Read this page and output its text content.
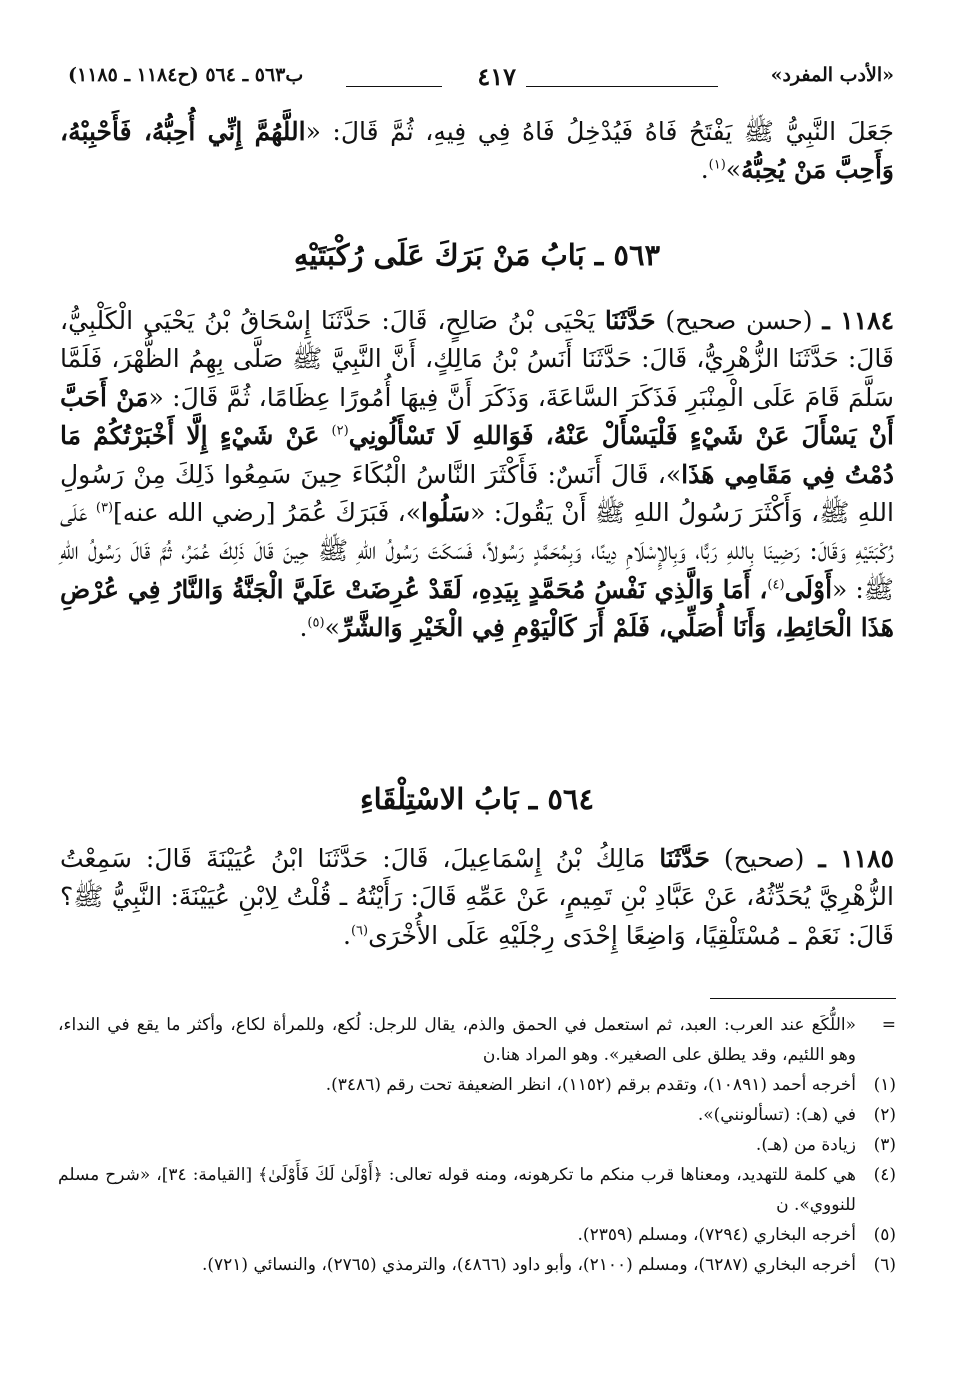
«الأدب المفرد»
٤١٧
ب٥٦٣ ـ ٥٦٤ (ح١١٨٤ ـ ١١٨٥)

جَعَلَ النَّبِيُّ ﷺ يَفْتَحُ فَاهُ فَيُدْخِلُ فَاهُ فِي فِيهِ، ثُمَّ قَالَ: «اللَّهُمَّ إِنِّي أُحِبُّهُ، فَأَحْبِبْهُ، وَأَحِبَّ مَنْ يُحِبُّهُ»$^{(١)}$.

٥٦٣ ـ بَابُ مَنْ بَرَكَ عَلَى رُكْبَتَيْهِ

١١٨٤ ـ (حسن صحيح) حَدَّثَنَا يَحْيَى بْنُ صَالِحٍ، قَالَ: حَدَّثَنَا إِسْحَاقُ بْنُ يَحْيَى الْكَلْبِيُّ، قَالَ: حَدَّثَنَا الزُّهْرِيُّ، قَالَ: حَدَّثَنَا أَنَسُ بْنُ مَالِكٍ، أَنَّ النَّبِيَّ ﷺ صَلَّى بِهِمُ الظُّهْرَ، فَلَمَّا سَلَّمَ قَامَ عَلَى الْمِنْبَرِ فَذَكَرَ السَّاعَةَ، وَذَكَرَ أَنَّ فِيهَا أُمُورًا عِظَامًا، ثُمَّ قَالَ: «مَنْ أَحَبَّ أَنْ يَسْأَلَ عَنْ شَيْءٍ فَلْيَسْأَلْ عَنْهُ، فَوَاللهِ لَا تَسْأَلُونِي$^{(٢)}$ عَنْ شَيْءٍ إِلَّا أَخْبَرْتُكُمْ مَا دُمْتُ فِي مَقَامِي هَذَا»، قَالَ أَنَسٌ: فَأَكْثَرَ النَّاسُ الْبُكَاءَ حِينَ سَمِعُوا ذَلِكَ مِنْ رَسُولِ اللهِ ﷺ، وَأَكْثَرَ رَسُولُ اللهِ ﷺ أَنْ يَقُولَ: «سَلُوا»، فَبَرَكَ عُمَرُ [رضي الله عنه]$^{(٣)}$ عَلَى رُكْبَتَيْهِ وَقَالَ: رَضِينَا بِاللهِ رَبًّا، وَبِالإِسْلَامِ دِينًا، وَبِمُحَمَّدٍ رَسُولاً، فَسَكَتَ رَسُولُ اللهِ ﷺ حِينَ قَالَ ذَلِكَ عُمَرُ، ثُمَّ قَالَ رَسُولُ اللهِ ﷺ: «أَوْلَى$^{(٤)}$، أَمَا وَالَّذِي نَفْسُ مُحَمَّدٍ بِيَدِهِ، لَقَدْ عُرِضَتْ عَلَيَّ الْجَنَّةُ وَالنَّارُ فِي عُرْضِ هَذَا الْحَائِطِ، وَأَنَا أُصَلِّي، فَلَمْ أَرَ كَالْيَوْمِ فِي الْخَيْرِ وَالشَّرِّ»$^{(٥)}$.

٥٦٤ ـ بَابُ الاسْتِلْقَاءِ

١١٨٥ ـ (صحيح) حَدَّثَنَا مَالِكُ بْنُ إِسْمَاعِيلَ، قَالَ: حَدَّثَنَا ابْنُ عُيَيْنَةَ قَالَ: سَمِعْتُ الزُّهْرِيَّ يُحَدِّثُهُ، عَنْ عَبَّادِ بْنِ تَمِيمٍ، عَنْ عَمِّهِ قَالَ: رَأَيْتُهُ ـ قُلْتُ لِابْنِ عُيَيْنَةَ: النَّبِيُّ ﷺ؟ قَالَ: نَعَمْ ـ مُسْتَلْقِيًا، وَاضِعًا إِحْدَى رِجْلَيْهِ عَلَى الأُخْرَى$^{(٦)}$.

=
«اللُّكَع عند العرب: العبد، ثم استعمل في الحمق والذم، يقال للرجل: لُكع، وللمرأة لكاع، وأكثر ما يقع في النداء، وهو اللئيم، وقد يطلق على الصغير». وهو المراد هنا.ن
(١)
أخرجه أحمد (١٠٨٩١)، وتقدم برقم (١١٥٢)، انظر الضعيفة تحت رقم (٣٤٨٦).
(٢)
في (هـ): (تسألونني)».
(٣)
زيادة من (هـ).
(٤)
هي كلمة للتهديد، ومعناها قرب منكم ما تكرهونه، ومنه قوله تعالى: ﴿أَوْلَىٰ لَكَ فَأَوْلَىٰ﴾ [القيامة: ٣٤]، «شرح مسلم للنووي». ن
(٥)
أخرجه البخاري (٧٢٩٤)، ومسلم (٢٣٥٩).
(٦)
أخرجه البخاري (٦٢٨٧)، ومسلم (٢١٠٠)، وأبو داود (٤٨٦٦)، والترمذي (٢٧٦٥)، والنسائي (٧٢١).
